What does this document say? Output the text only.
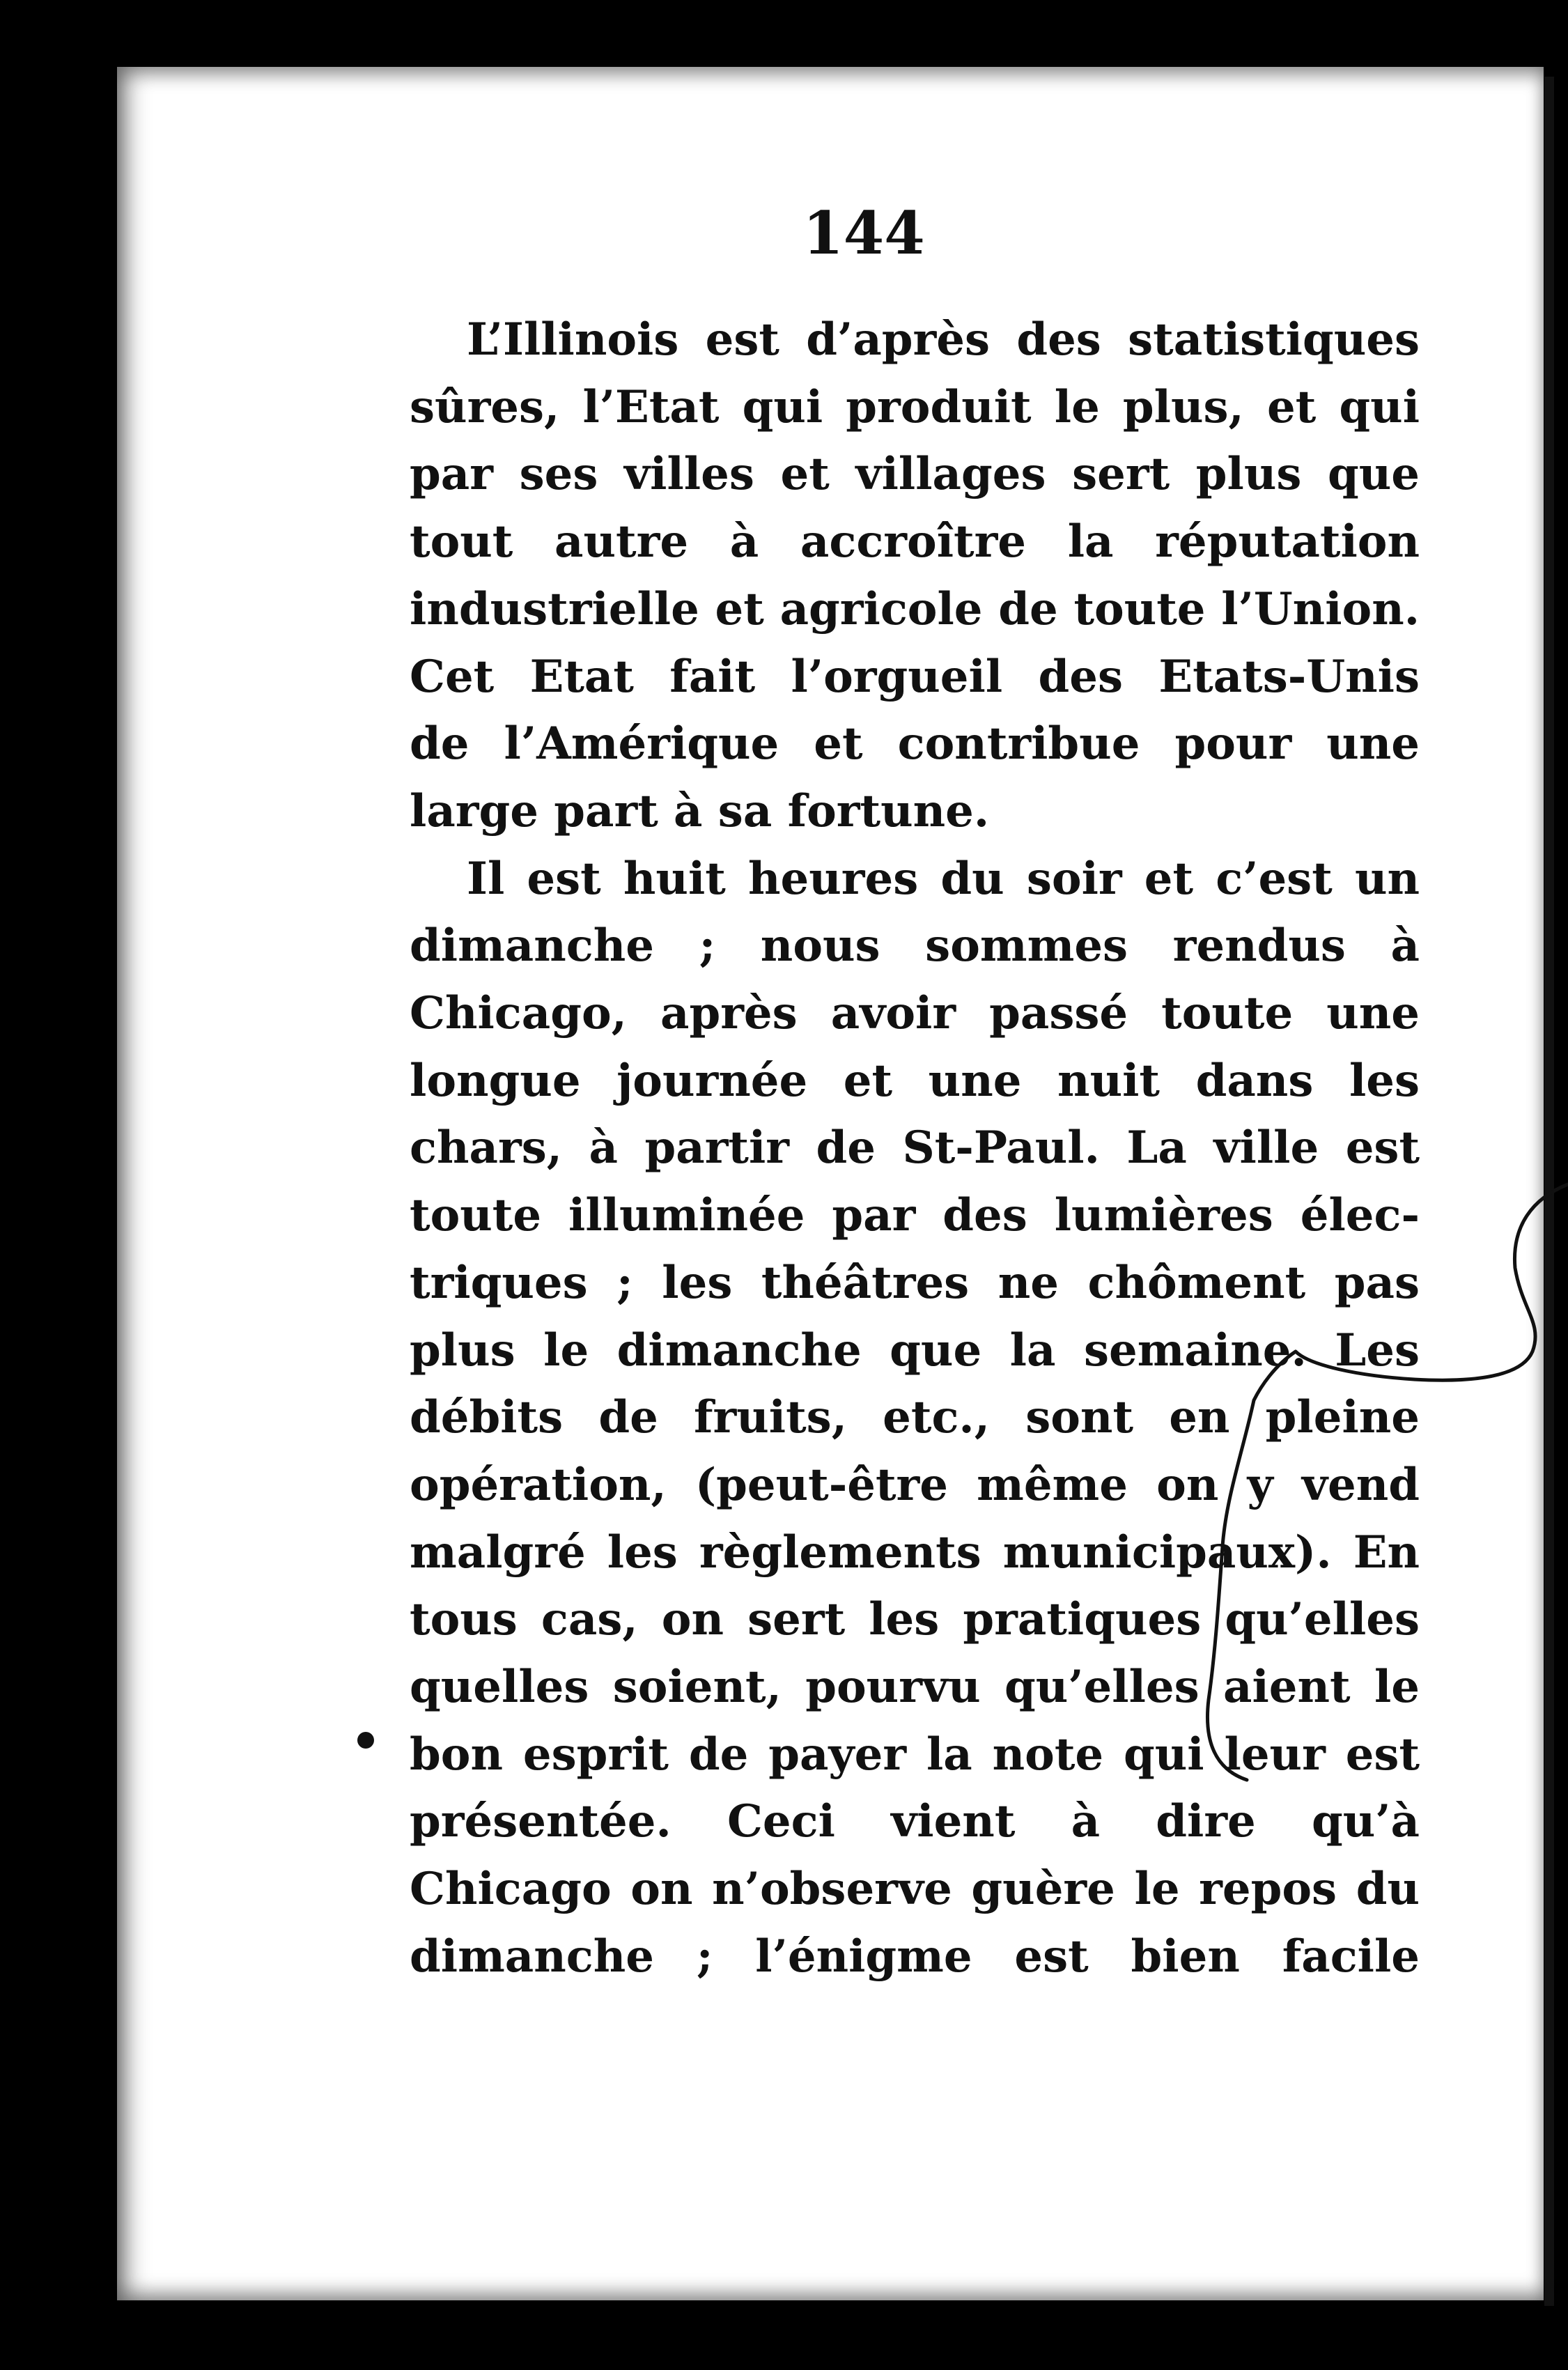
144

L’Illinois est d’après des statistiques
sûres, l’Etat qui produit le plus, et qui
par ses villes et villages sert plus que
tout autre à accroître la réputation
industrielle et agricole de toute l’Union.
Cet Etat fait l’orgueil des Etats-Unis
de l’Amérique et contribue pour une
large part à sa fortune.

Il est huit heures du soir et c’est un
dimanche ; nous sommes rendus à
Chicago, après avoir passé toute une
longue journée et une nuit dans les
chars, à partir de St-Paul. La ville est
toute illuminée par des lumières élec-
triques ; les théâtres ne chôment pas
plus le dimanche que la semaine. Les
débits de fruits, etc., sont en pleine
opération, (peut-être même on y vend
malgré les règlements municipaux). En
tous cas, on sert les pratiques qu’elles
quelles soient, pourvu qu’elles aient le
bon esprit de payer la note qui leur est
présentée. Ceci vient à dire qu’à
Chicago on n’observe guère le repos du
dimanche ; l’énigme est bien facile
